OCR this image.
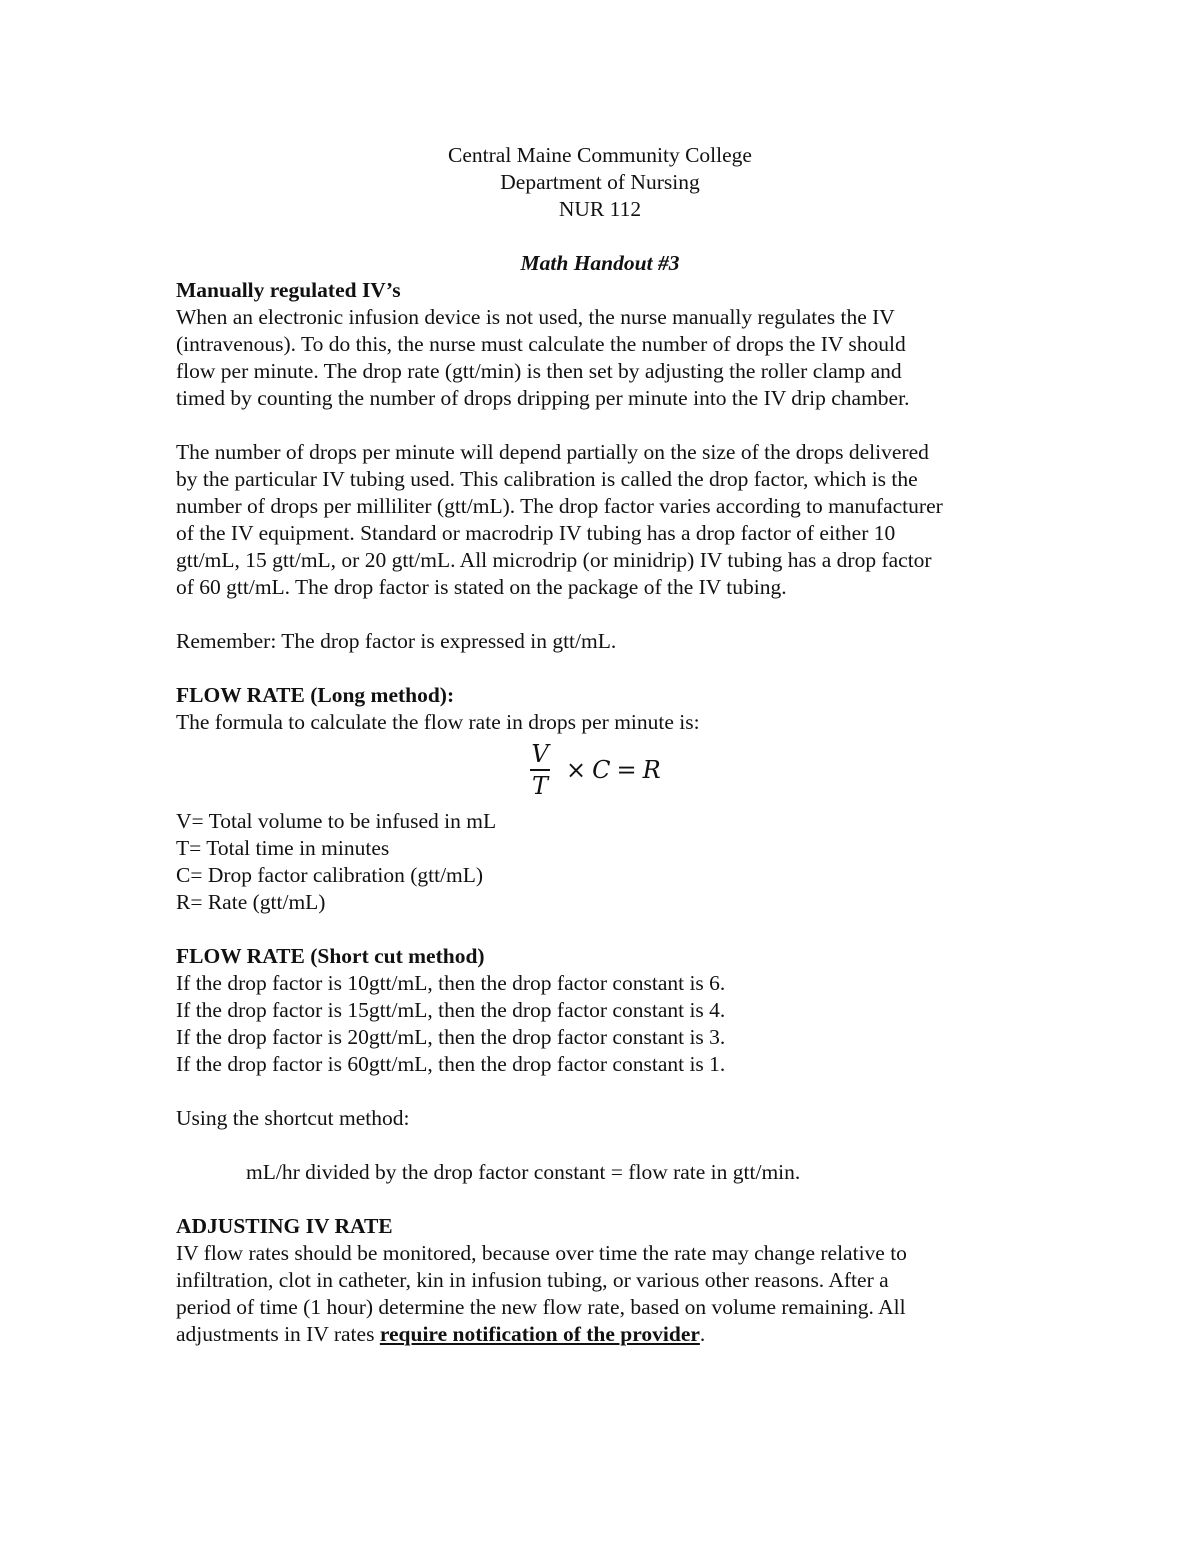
Central Maine Community College
Department of Nursing
NUR 112
Math Handout #3
Manually regulated IV’s
When an electronic infusion device is not used, the nurse manually regulates the IV
(intravenous). To do this, the nurse must calculate the number of drops the IV should
flow per minute. The drop rate (gtt/min) is then set by adjusting the roller clamp and
timed by counting the number of drops dripping per minute into the IV drip chamber.
The number of drops per minute will depend partially on the size of the drops delivered
by the particular IV tubing used. This calibration is called the drop factor, which is the
number of drops per milliliter (gtt/mL). The drop factor varies according to manufacturer
of the IV equipment. Standard or macrodrip IV tubing has a drop factor of either 10
gtt/mL, 15 gtt/mL, or 20 gtt/mL. All microdrip (or minidrip) IV tubing has a drop factor
of 60 gtt/mL. The drop factor is stated on the package of the IV tubing.
Remember: The drop factor is expressed in gtt/mL.
FLOW RATE (Long method):
The formula to calculate the flow rate in drops per minute is:
$\frac{V}{T} \times C = R$
V= Total volume to be infused in mL
T= Total time in minutes
C= Drop factor calibration (gtt/mL)
R= Rate (gtt/mL)
FLOW RATE (Short cut method)
If the drop factor is 10gtt/mL, then the drop factor constant is 6.
If the drop factor is 15gtt/mL, then the drop factor constant is 4.
If the drop factor is 20gtt/mL, then the drop factor constant is 3.
If the drop factor is 60gtt/mL, then the drop factor constant is 1.
Using the shortcut method:
mL/hr divided by the drop factor constant = flow rate in gtt/min.
ADJUSTING IV RATE
IV flow rates should be monitored, because over time the rate may change relative to
infiltration, clot in catheter, kin in infusion tubing, or various other reasons. After a
period of time (1 hour) determine the new flow rate, based on volume remaining. All
adjustments in IV rates require notification of the provider.
